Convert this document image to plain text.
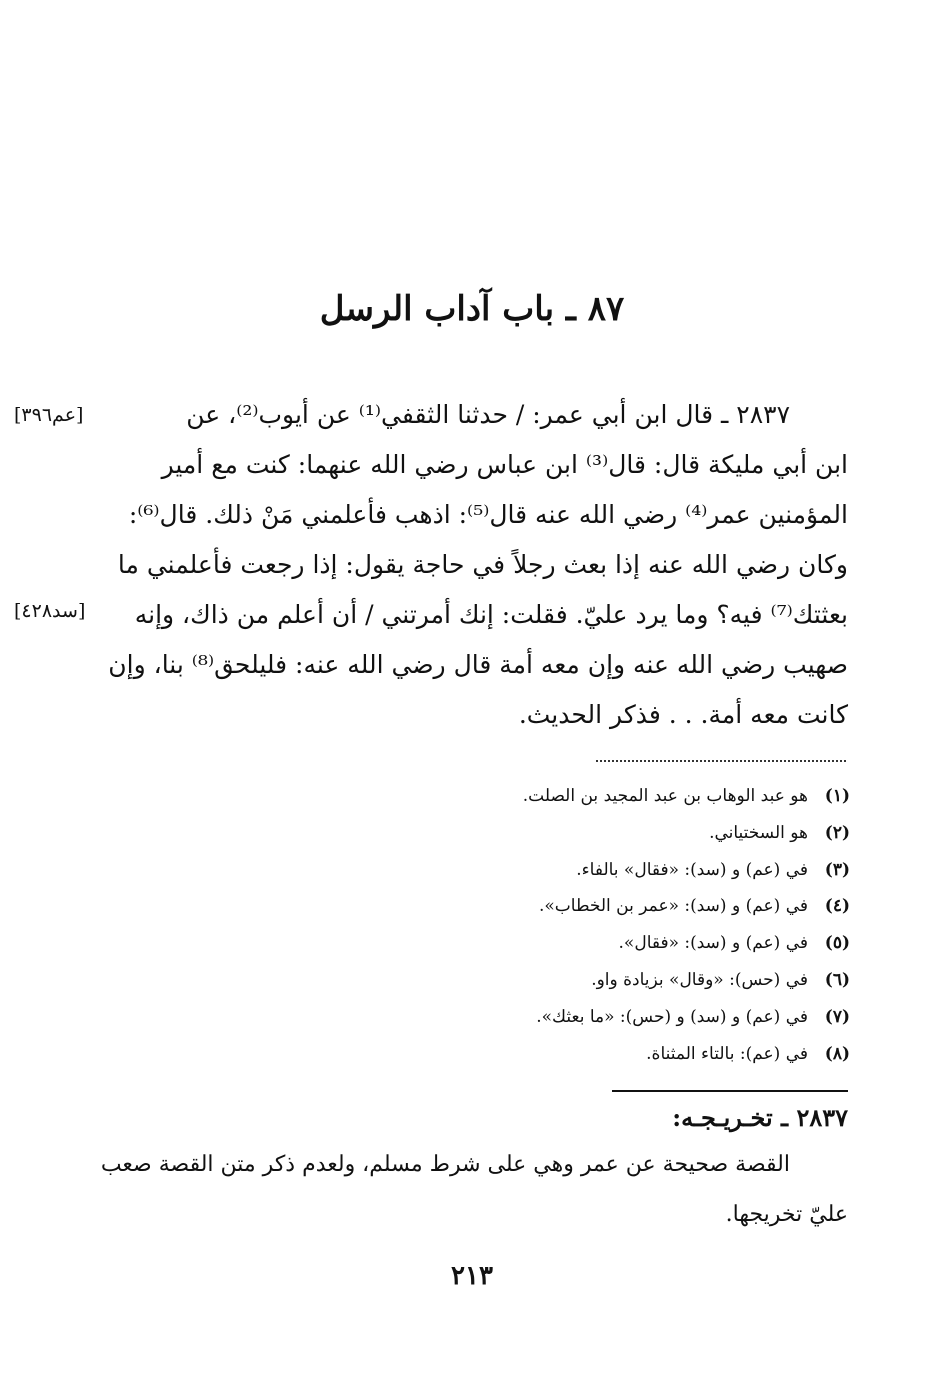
٨٧ ـ باب آداب الرسل
٢٨٣٧ ـ قال ابن أبي عمر: / حدثنا الثقفي⁽¹⁾ عن أيوب⁽²⁾، عن
ابن أبي مليكة قال: قال⁽³⁾ ابن عباس رضي الله عنهما: كنت مع أمير
المؤمنين عمر⁽⁴⁾ رضي الله عنه قال⁽⁵⁾: اذهب فأعلمني مَنْ ذلك. قال⁽⁶⁾:
وكان رضي الله عنه إذا بعث رجلاً في حاجة يقول: إذا رجعت فأعلمني ما
بعثتك⁽⁷⁾ فيه؟ وما يرد عليّ. فقلت: إنك أمرتني / أن أعلم من ذاك، وإنه
صهيب رضي الله عنه وإن معه أمة قال رضي الله عنه: فليلحق⁽⁸⁾ بنا، وإن
كانت معه أمة. . . فذكر الحديث.
[عم٣٩٦]
[سد٤٢٨]
(١)هو عبد الوهاب بن عبد المجيد بن الصلت.
(٢)هو السختياني.
(٣)في (عم) و (سد): «فقال» بالفاء.
(٤)في (عم) و (سد): «عمر بن الخطاب».
(٥)في (عم) و (سد): «فقال».
(٦)في (حس): «وقال» بزيادة واو.
(٧)في (عم) و (سد) و (حس): «ما بعثك».
(٨)في (عم): بالتاء المثناة.
٢٨٣٧ ـ تخـريـجـه:
القصة صحيحة عن عمر وهي على شرط مسلم، ولعدم ذكر متن القصة صعب
عليّ تخريجها.
٢١٣
